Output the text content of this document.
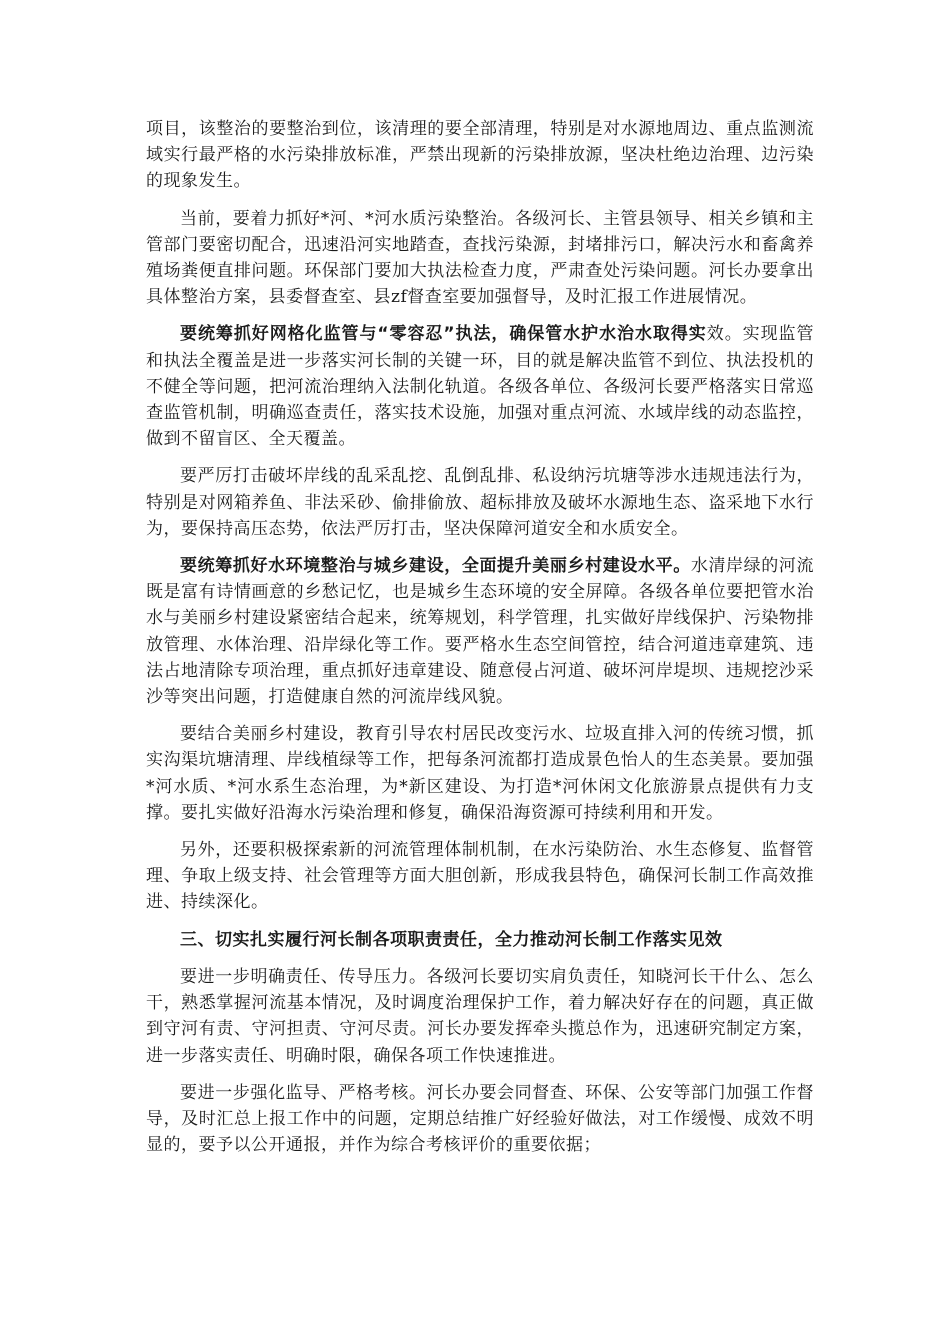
项目，该整治的要整治到位，该清理的要全部清理，特别是对水源地周边、重点监测流域实行最严格的水污染排放标准，严禁出现新的污染排放源，坚决杜绝边治理、边污染的现象发生。

当前，要着力抓好*河、*河水质污染整治。各级河长、主管县领导、相关乡镇和主管部门要密切配合，迅速沿河实地踏查，查找污染源，封堵排污口，解决污水和畜禽养殖场粪便直排问题。环保部门要加大执法检查力度，严肃查处污染问题。河长办要拿出具体整治方案，县委督查室、县zf督查室要加强督导，及时汇报工作进展情况。

要统筹抓好网格化监管与“零容忍”执法，确保管水护水治水取得实效。实现监管和执法全覆盖是进一步落实河长制的关键一环，目的就是解决监管不到位、执法投机的不健全等问题，把河流治理纳入法制化轨道。各级各单位、各级河长要严格落实日常巡查监管机制，明确巡查责任，落实技术设施，加强对重点河流、水域岸线的动态监控，做到不留盲区、全天覆盖。

要严厉打击破坏岸线的乱采乱挖、乱倒乱排、私设纳污坑塘等涉水违规违法行为，特别是对网箱养鱼、非法采砂、偷排偷放、超标排放及破坏水源地生态、盗采地下水行为，要保持高压态势，依法严厉打击，坚决保障河道安全和水质安全。

要统筹抓好水环境整治与城乡建设，全面提升美丽乡村建设水平。水清岸绿的河流既是富有诗情画意的乡愁记忆，也是城乡生态环境的安全屏障。各级各单位要把管水治水与美丽乡村建设紧密结合起来，统筹规划，科学管理，扎实做好岸线保护、污染物排放管理、水体治理、沿岸绿化等工作。要严格水生态空间管控，结合河道违章建筑、违法占地清除专项治理，重点抓好违章建设、随意侵占河道、破坏河岸堤坝、违规挖沙采沙等突出问题，打造健康自然的河流岸线风貌。

要结合美丽乡村建设，教育引导农村居民改变污水、垃圾直排入河的传统习惯，抓实沟渠坑塘清理、岸线植绿等工作，把每条河流都打造成景色怡人的生态美景。要加强*河水质、*河水系生态治理，为*新区建设、为打造*河休闲文化旅游景点提供有力支撑。要扎实做好沿海水污染治理和修复，确保沿海资源可持续利用和开发。

另外，还要积极探索新的河流管理体制机制，在水污染防治、水生态修复、监督管理、争取上级支持、社会管理等方面大胆创新，形成我县特色，确保河长制工作高效推进、持续深化。

三、切实扎实履行河长制各项职责责任，全力推动河长制工作落实见效

要进一步明确责任、传导压力。各级河长要切实肩负责任，知晓河长干什么、怎么干，熟悉掌握河流基本情况，及时调度治理保护工作，着力解决好存在的问题，真正做到守河有责、守河担责、守河尽责。河长办要发挥牵头揽总作为，迅速研究制定方案，进一步落实责任、明确时限，确保各项工作快速推进。

要进一步强化监导、严格考核。河长办要会同督查、环保、公安等部门加强工作督导，及时汇总上报工作中的问题，定期总结推广好经验好做法，对工作缓慢、成效不明显的，要予以公开通报，并作为综合考核评价的重要依据；
